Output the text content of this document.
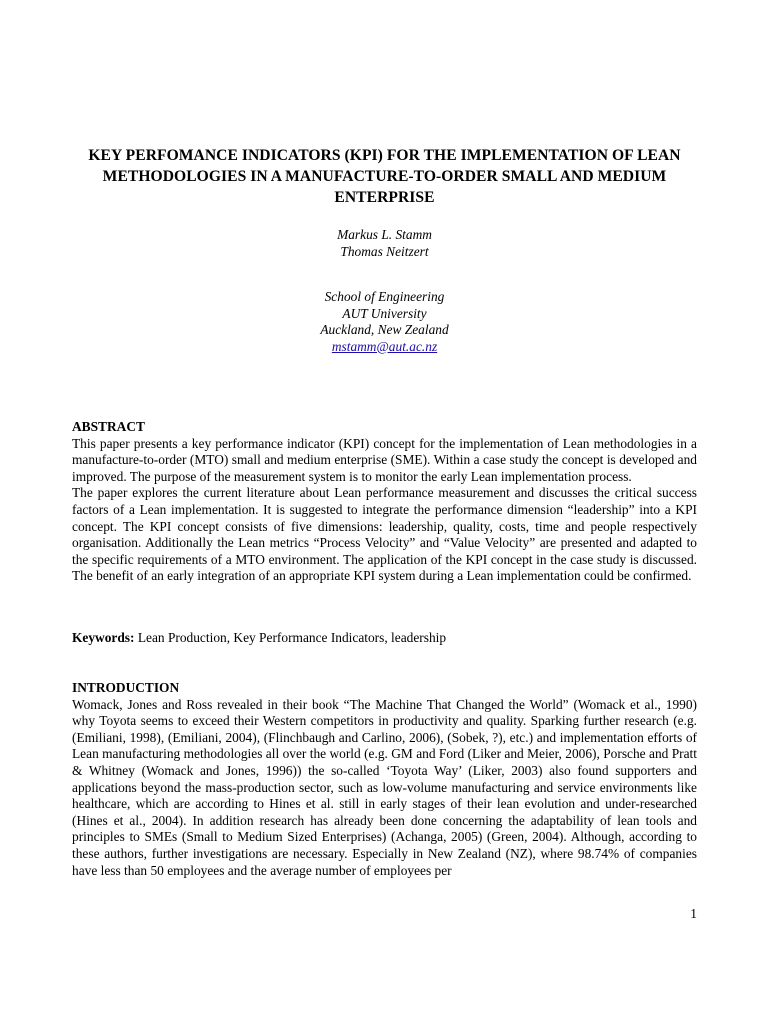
KEY PERFOMANCE INDICATORS (KPI) FOR THE IMPLEMENTATION OF LEAN METHODOLOGIES IN A MANUFACTURE-TO-ORDER SMALL AND MEDIUM ENTERPRISE
Markus L. Stamm
Thomas Neitzert
School of Engineering
AUT University
Auckland, New Zealand
mstamm@aut.ac.nz

ABSTRACT

This paper presents a key performance indicator (KPI) concept for the implementation of Lean methodologies in a manufacture-to-order (MTO) small and medium enterprise (SME). Within a case study the concept is developed and improved. The purpose of the measurement system is to monitor the early Lean implementation process.

The paper explores the current literature about Lean performance measurement and discusses the critical success factors of a Lean implementation. It is suggested to integrate the performance dimension “leadership” into a KPI concept. The KPI concept consists of five dimensions: leadership, quality, costs, time and people respectively organisation. Additionally the Lean metrics “Process Velocity” and “Value Velocity” are presented and adapted to the specific requirements of a MTO environment. The application of the KPI concept in the case study is discussed. The benefit of an early integration of an appropriate KPI system during a Lean implementation could be confirmed.

Keywords: Lean Production, Key Performance Indicators, leadership

INTRODUCTION

Womack, Jones and Ross revealed in their book “The Machine That Changed the World” (Womack et al., 1990) why Toyota seems to exceed their Western competitors in productivity and quality. Sparking further research (e.g. (Emiliani, 1998), (Emiliani, 2004), (Flinchbaugh and Carlino, 2006), (Sobek, ?), etc.) and implementation efforts of Lean manufacturing methodologies all over the world (e.g. GM and Ford (Liker and Meier, 2006), Porsche and Pratt & Whitney (Womack and Jones, 1996)) the so-called ‘Toyota Way’ (Liker, 2003) also found supporters and applications beyond the mass-production sector, such as low-volume manufacturing and service environments like healthcare, which are according to Hines et al. still in early stages of their lean evolution and under-researched (Hines et al., 2004). In addition research has already been done concerning the adaptability of lean tools and principles to SMEs (Small to Medium Sized Enterprises) (Achanga, 2005) (Green, 2004). Although, according to these authors, further investigations are necessary. Especially in New Zealand (NZ), where 98.74% of companies have less than 50 employees and the average number of employees per

1
